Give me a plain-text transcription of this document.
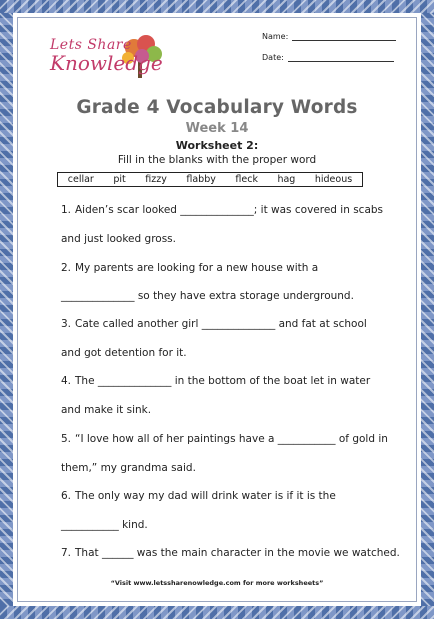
Lets Share
Knowledge
Name:
Date:
Grade 4 Vocabulary Words
Week 14
Worksheet 2:
Fill in the blanks with the proper word
cellar pit fizzy flabby fleck hag hideous
1. Aiden’s scar looked ______________; it was covered in scabs
and just looked gross.
2. My parents are looking for a new house with a
______________ so they have extra storage underground.
3. Cate called another girl ______________ and fat at school
and got detention for it.
4. The ______________ in the bottom of the boat let in water
and make it sink.
5. “I love how all of her paintings have a ___________ of gold in
them,” my grandma said.
6. The only way my dad will drink water is if it is the
___________ kind.
7. That ______ was the main character in the movie we watched.
“Visit www.letssharenowledge.com for more worksheets”
